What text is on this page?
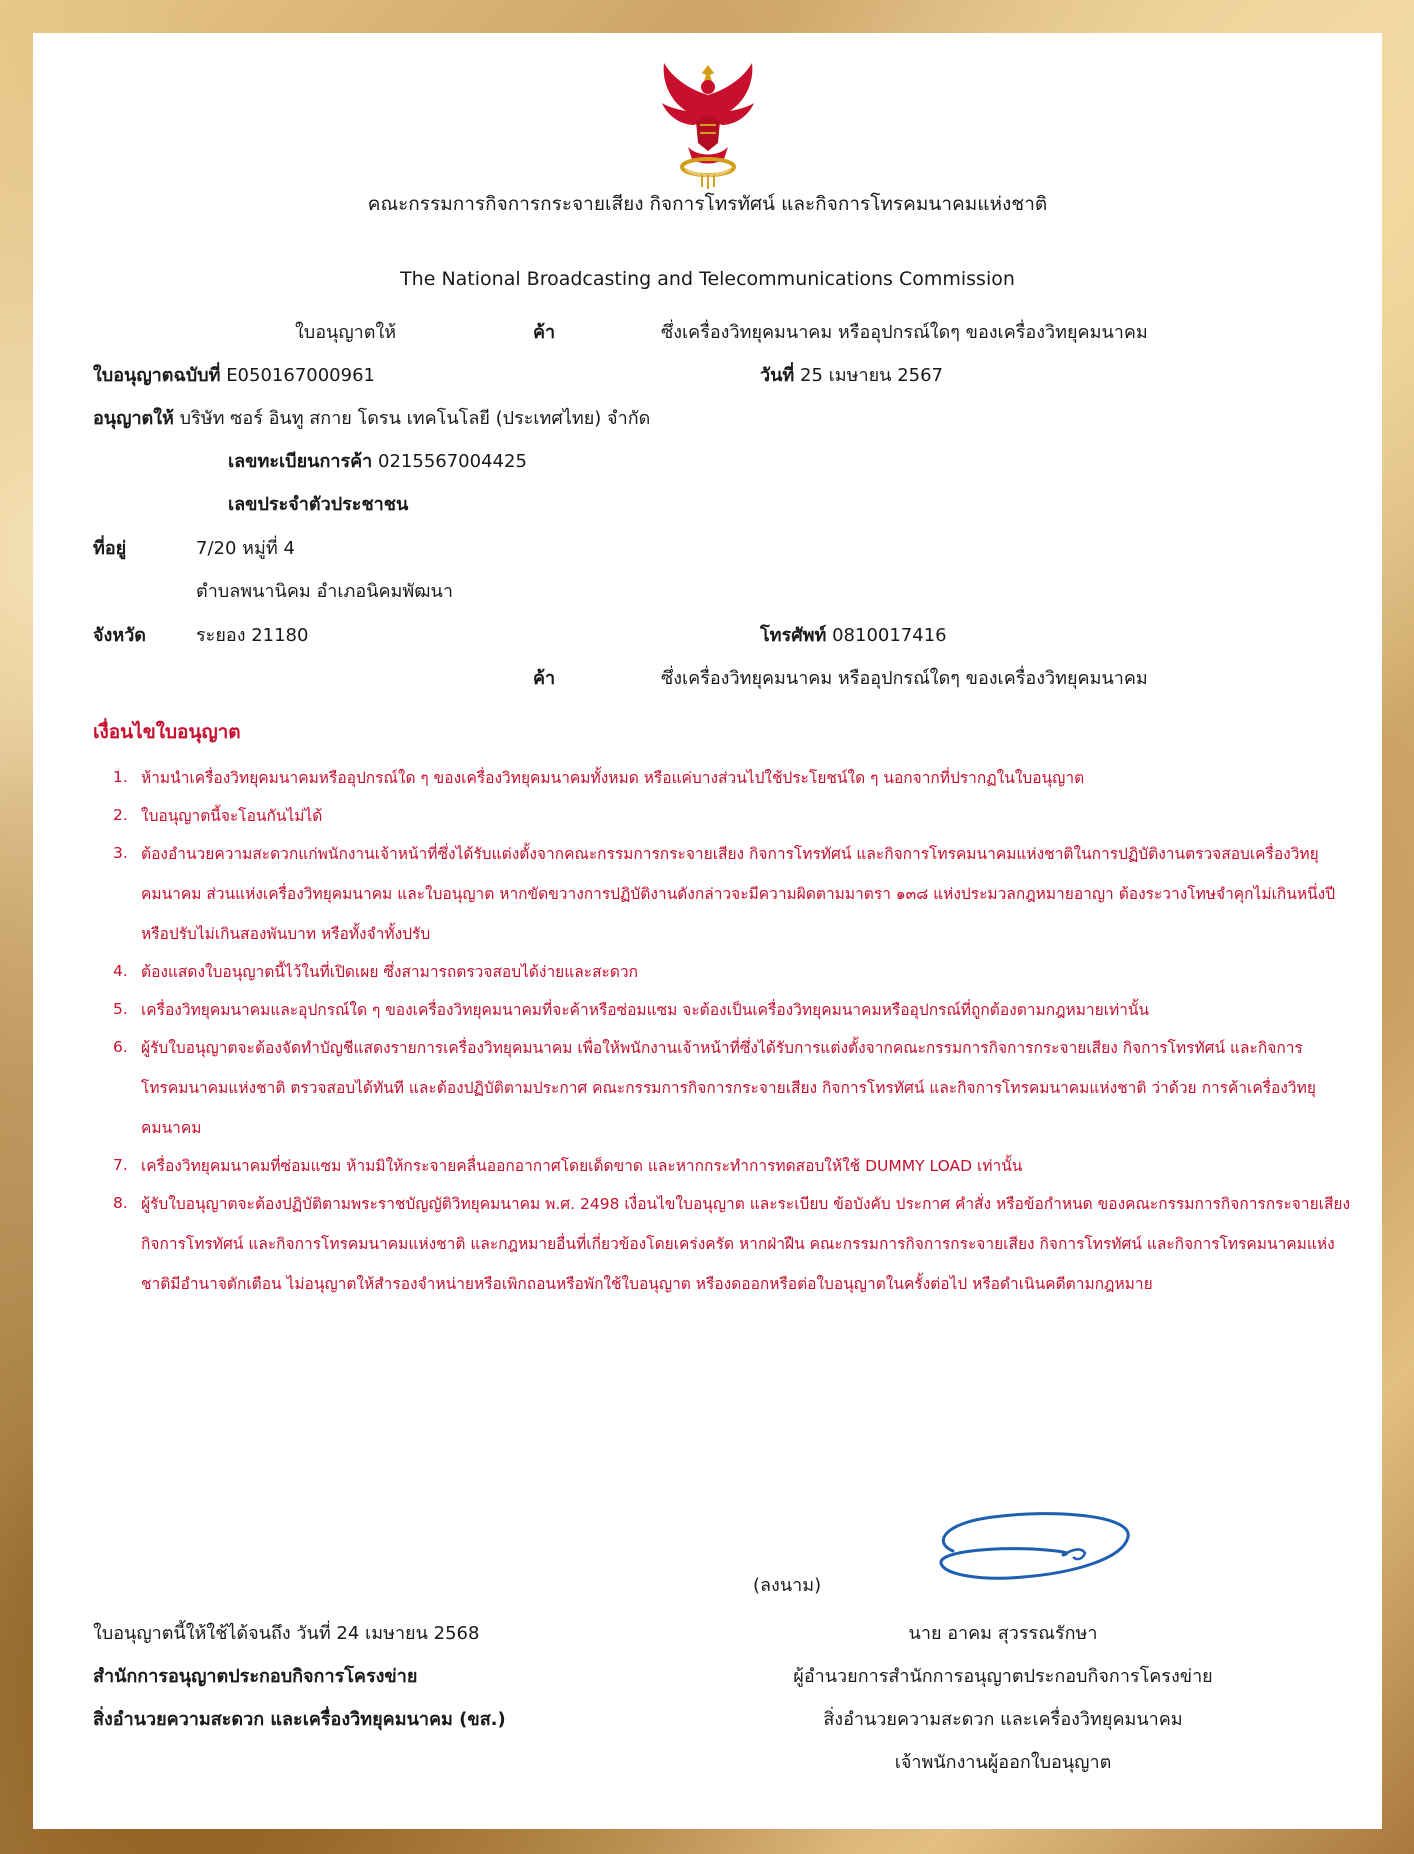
คณะกรรมการกิจการกระจายเสียง กิจการโทรทัศน์ และกิจการโทรคมนาคมแห่งชาติ
The National Broadcasting and Telecommunications Commission
ใบอนุญาตให้	ค้า	ซึ่งเครื่องวิทยุคมนาคม หรืออุปกรณ์ใดๆ ของเครื่องวิทยุคมนาคม
ใบอนุญาตฉบับที่ E050167000961	วันที่ 25 เมษายน 2567
อนุญาตให้ บริษัท ซอร์ อินทู สกาย โดรน เทคโนโลยี (ประเทศไทย) จำกัด
เลขทะเบียนการค้า 0215567004425
เลขประจำตัวประชาชน
ที่อยู่	7/20 หมู่ที่ 4
ตำบลพนานิคม อำเภอนิคมพัฒนา
จังหวัด	ระยอง 21180	โทรศัพท์ 0810017416
ค้า	ซึ่งเครื่องวิทยุคมนาคม หรืออุปกรณ์ใดๆ ของเครื่องวิทยุคมนาคม
เงื่อนไขใบอนุญาต
1. ห้ามนำเครื่องวิทยุคมนาคมหรืออุปกรณ์ใด ๆ ของเครื่องวิทยุคมนาคมทั้งหมด หรือแค่บางส่วนไปใช้ประโยชน์ใด ๆ นอกจากที่ปรากฏในใบอนุญาต
2. ใบอนุญาตนี้จะโอนกันไม่ได้
3. ต้องอำนวยความสะดวกแก่พนักงานเจ้าหน้าที่ซึ่งได้รับแต่งตั้งจากคณะกรรมการกระจายเสียง กิจการโทรทัศน์ และกิจการโทรคมนาคมแห่งชาติในการปฏิบัติงานตรวจสอบเครื่องวิทยุคมนาคม ส่วนแห่งเครื่องวิทยุคมนาคม และใบอนุญาต หากขัดขวางการปฏิบัติงานดังกล่าวจะมีความผิดตามมาตรา ๑๓๘ แห่งประมวลกฎหมายอาญา ต้องระวางโทษจำคุกไม่เกินหนึ่งปี หรือปรับไม่เกินสองพันบาท หรือทั้งจำทั้งปรับ
4. ต้องแสดงใบอนุญาตนี้ไว้ในที่เปิดเผย ซึ่งสามารถตรวจสอบได้ง่ายและสะดวก
5. เครื่องวิทยุคมนาคมและอุปกรณ์ใด ๆ ของเครื่องวิทยุคมนาคมที่จะค้าหรือซ่อมแซม จะต้องเป็นเครื่องวิทยุคมนาคมหรืออุปกรณ์ที่ถูกต้องตามกฎหมายเท่านั้น
6. ผู้รับใบอนุญาตจะต้องจัดทำบัญชีแสดงรายการเครื่องวิทยุคมนาคม เพื่อให้พนักงานเจ้าหน้าที่ซึ่งได้รับการแต่งตั้งจากคณะกรรมการกิจการกระจายเสียง กิจการโทรทัศน์ และกิจการโทรคมนาคมแห่งชาติ ตรวจสอบได้ทันที และต้องปฏิบัติตามประกาศ คณะกรรมการกิจการกระจายเสียง กิจการโทรทัศน์ และกิจการโทรคมนาคมแห่งชาติ ว่าด้วย การค้าเครื่องวิทยุคมนาคม
7. เครื่องวิทยุคมนาคมที่ซ่อมแซม ห้ามมิให้กระจายคลื่นออกอากาศโดยเด็ดขาด และหากกระทำการทดสอบให้ใช้ DUMMY LOAD เท่านั้น
8. ผู้รับใบอนุญาตจะต้องปฏิบัติตามพระราชบัญญัติวิทยุคมนาคม พ.ศ. 2498 เงื่อนไขใบอนุญาต และระเบียบ ข้อบังคับ ประกาศ คำสั่ง หรือข้อกำหนด ของคณะกรรมการกิจการกระจายเสียง กิจการโทรทัศน์ และกิจการโทรคมนาคมแห่งชาติ และกฎหมายอื่นที่เกี่ยวข้องโดยเคร่งครัด หากฝ่าฝืน คณะกรรมการกิจการกระจายเสียง กิจการโทรทัศน์ และกิจการโทรคมนาคมแห่งชาติมีอำนาจตักเตือน ไม่อนุญาตให้สำรองจำหน่ายหรือเพิกถอนหรือพักใช้ใบอนุญาต หรืองดออกหรือต่อใบอนุญาตในครั้งต่อไป หรือดำเนินคดีตามกฎหมาย
(ลงนาม)
ใบอนุญาตนี้ให้ใช้ได้จนถึง วันที่ 24 เมษายน 2568
สำนักการอนุญาตประกอบกิจการโครงข่าย
สิ่งอำนวยความสะดวก และเครื่องวิทยุคมนาคม (ขส.)
นาย อาคม สุวรรณรักษา
ผู้อำนวยการสำนักการอนุญาตประกอบกิจการโครงข่าย
สิ่งอำนวยความสะดวก และเครื่องวิทยุคมนาคม
เจ้าพนักงานผู้ออกใบอนุญาต
